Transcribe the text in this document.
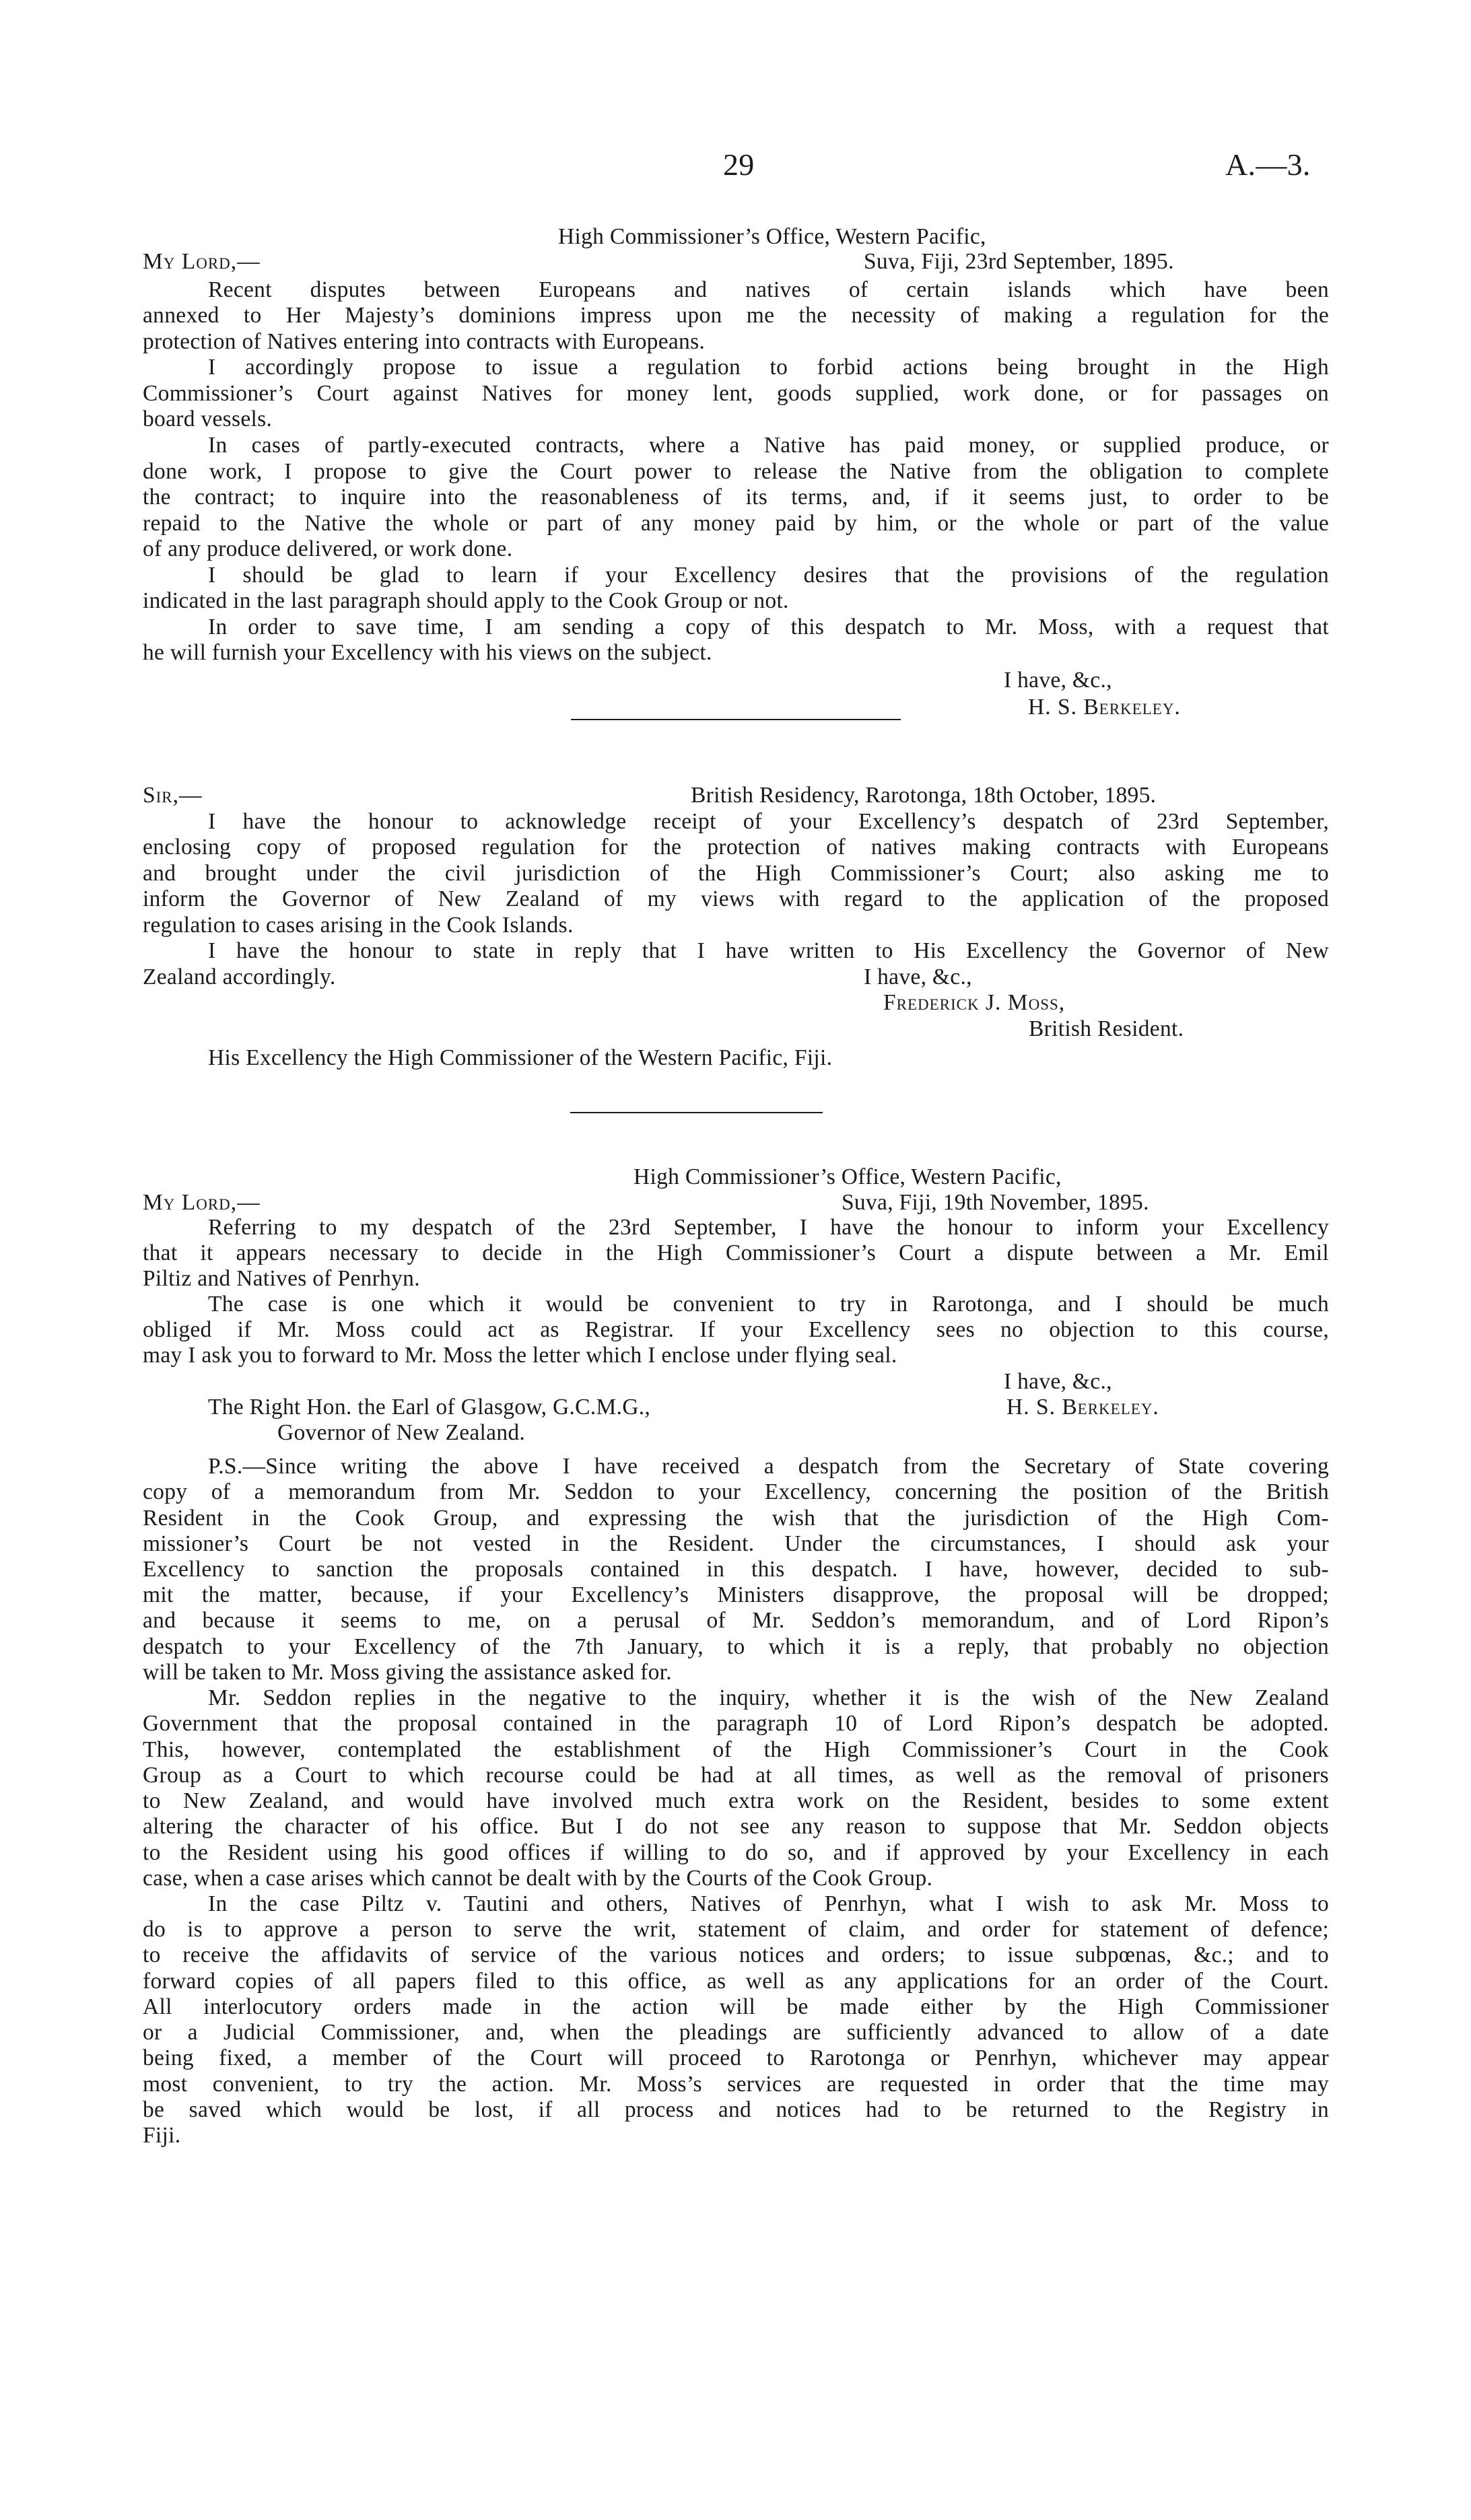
29	A.—3.
High Commissioner’s Office, Western Pacific,
My Lord,—	Suva, Fiji, 23rd September, 1895.

Recent disputes between Europeans and natives of certain islands which have been

annexed to Her Majesty’s dominions impress upon me the necessity of making a regulation for the

protection of Natives entering into contracts with Europeans.

I accordingly propose to issue a regulation to forbid actions being brought in the High

Commissioner’s Court against Natives for money lent, goods supplied, work done, or for passages on

board vessels.

In cases of partly-executed contracts, where a Native has paid money, or supplied produce, or

done work, I propose to give the Court power to release the Native from the obligation to complete

the contract; to inquire into the reasonableness of its terms, and, if it seems just, to order to be

repaid to the Native the whole or part of any money paid by him, or the whole or part of the value

of any produce delivered, or work done.

I should be glad to learn if your Excellency desires that the provisions of the regulation

indicated in the last paragraph should apply to the Cook Group or not.

In order to save time, I am sending a copy of this despatch to Mr. Moss, with a request that

he will furnish your Excellency with his views on the subject.

I have, &c.,
H. S. Berkeley.
Sir,—	British Residency, Rarotonga, 18th October, 1895.

I have the honour to acknowledge receipt of your Excellency’s despatch of 23rd September,

enclosing copy of proposed regulation for the protection of natives making contracts with Europeans

and brought under the civil jurisdiction of the High Commissioner’s Court; also asking me to

inform the Governor of New Zealand of my views with regard to the application of the proposed

regulation to cases arising in the Cook Islands.

I have the honour to state in reply that I have written to His Excellency the Governor of New

Zealand accordingly.	I have, &c.,
Frederick J. Moss,
British Resident.
His Excellency the High Commissioner of the Western Pacific, Fiji.
High Commissioner’s Office, Western Pacific,
My Lord,—	Suva, Fiji, 19th November, 1895.

Referring to my despatch of the 23rd September, I have the honour to inform your Excellency

that it appears necessary to decide in the High Commissioner’s Court a dispute between a Mr. Emil

Piltiz and Natives of Penrhyn.

The case is one which it would be convenient to try in Rarotonga, and I should be much

obliged if Mr. Moss could act as Registrar. If your Excellency sees no objection to this course,

may I ask you to forward to Mr. Moss the letter which I enclose under flying seal.

I have, &c.,
The Right Hon. the Earl of Glasgow, G.C.M.G.,	H. S. Berkeley.
Governor of New Zealand.

P.S.—Since writing the above I have received a despatch from the Secretary of State covering

copy of a memorandum from Mr. Seddon to your Excellency, concerning the position of the British

Resident in the Cook Group, and expressing the wish that the jurisdiction of the High Com-

missioner’s Court be not vested in the Resident. Under the circumstances, I should ask your

Excellency to sanction the proposals contained in this despatch. I have, however, decided to sub-

mit the matter, because, if your Excellency’s Ministers disapprove, the proposal will be dropped;

and because it seems to me, on a perusal of Mr. Seddon’s memorandum, and of Lord Ripon’s

despatch to your Excellency of the 7th January, to which it is a reply, that probably no objection

will be taken to Mr. Moss giving the assistance asked for.

Mr. Seddon replies in the negative to the inquiry, whether it is the wish of the New Zealand

Government that the proposal contained in the paragraph 10 of Lord Ripon’s despatch be adopted.

This, however, contemplated the establishment of the High Commissioner’s Court in the Cook

Group as a Court to which recourse could be had at all times, as well as the removal of prisoners

to New Zealand, and would have involved much extra work on the Resident, besides to some extent

altering the character of his office. But I do not see any reason to suppose that Mr. Seddon objects

to the Resident using his good offices if willing to do so, and if approved by your Excellency in each

case, when a case arises which cannot be dealt with by the Courts of the Cook Group.

In the case Piltz v. Tautini and others, Natives of Penrhyn, what I wish to ask Mr. Moss to

do is to approve a person to serve the writ, statement of claim, and order for statement of defence;

to receive the affidavits of service of the various notices and orders; to issue subpœnas, &c.; and to

forward copies of all papers filed to this office, as well as any applications for an order of the Court.

All interlocutory orders made in the action will be made either by the High Commissioner

or a Judicial Commissioner, and, when the pleadings are sufficiently advanced to allow of a date

being fixed, a member of the Court will proceed to Rarotonga or Penrhyn, whichever may appear

most convenient, to try the action. Mr. Moss’s services are requested in order that the time may

be saved which would be lost, if all process and notices had to be returned to the Registry in

Fiji.
